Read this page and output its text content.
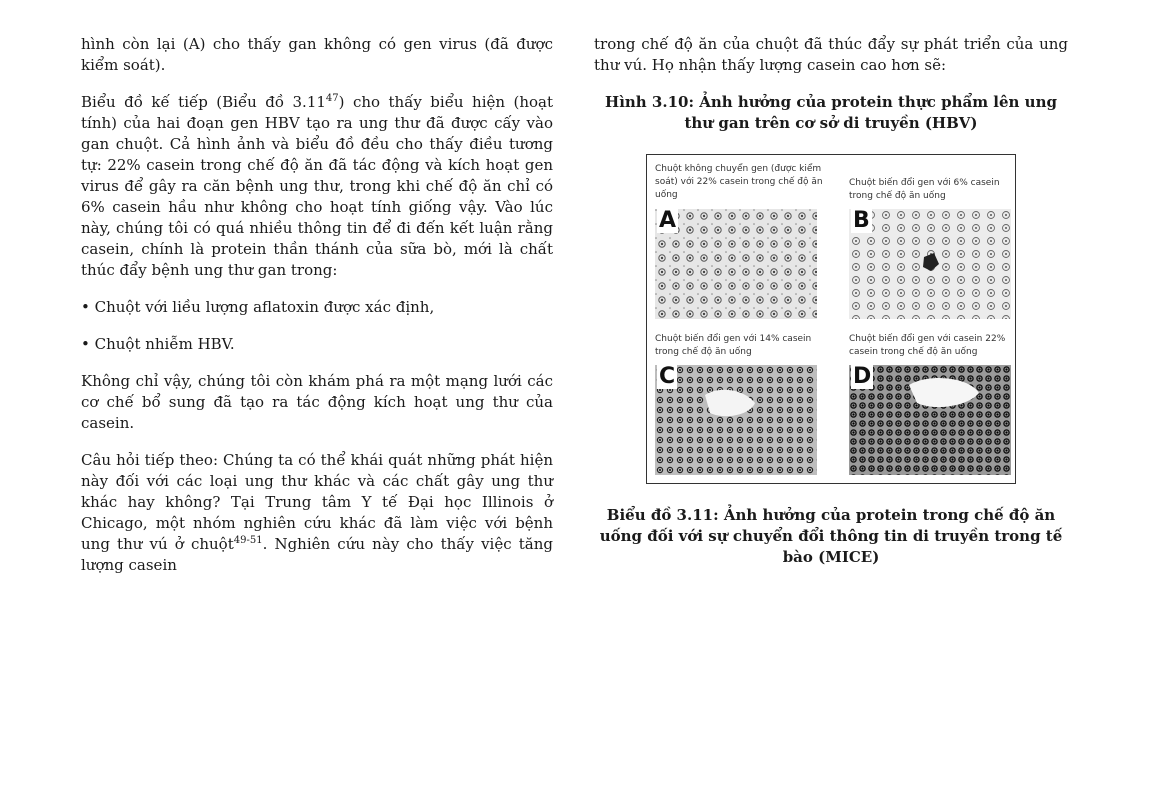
hình còn lại (A) cho thấy gan không có gen virus (đã được kiểm soát).

Biểu đồ kế tiếp (Biểu đồ 3.11$^{47}$) cho thấy biểu hiện (hoạt tính) của hai đoạn gen HBV tạo ra ung thư đã được cấy vào gan chuột. Cả hình ảnh và biểu đồ đều cho thấy điều tương tự: 22% casein trong chế độ ăn đã tác động và kích hoạt gen virus để gây ra căn bệnh ung thư, trong khi chế độ ăn chỉ có 6% casein hầu như không cho hoạt tính giống vậy. Vào lúc này, chúng tôi có quá nhiều thông tin để đi đến kết luận rằng casein, chính là protein thần thánh của sữa bò, mới là chất thúc đẩy bệnh ung thư gan trong:

• Chuột với liều lượng aflatoxin được xác định,
• Chuột nhiễm HBV.

Không chỉ vậy, chúng tôi còn khám phá ra một mạng lưới các cơ chế bổ sung đã tạo ra tác động kích hoạt ung thư của casein.

Câu hỏi tiếp theo: Chúng ta có thể khái quát những phát hiện này đối với các loại ung thư khác và các chất gây ung thư khác hay không? Tại Trung tâm Y tế Đại học Illinois ở Chicago, một nhóm nghiên cứu khác đã làm việc với bệnh ung thư vú ở chuột$^{49-51}$. Nghiên cứu này cho thấy việc tăng lượng casein

trong chế độ ăn của chuột đã thúc đẩy sự phát triển của ung thư vú. Họ nhận thấy lượng casein cao hơn sẽ:

Hình 3.10: Ảnh hưởng của protein thực phẩm lên ung thư gan trên cơ sở di truyền (HBV)
Chuột không chuyển gen (được kiểm soát) với 22% casein trong chế độ ăn uống
A
Chuột biến đổi gen với 6% casein trong chế độ ăn uống
B
Chuột biến đổi gen với 14% casein trong chế độ ăn uống
C
Chuột biến đổi gen với casein 22% casein trong chế độ ăn uống
D
Biểu đồ 3.11: Ảnh hưởng của protein trong chế độ ăn uống đối với sự chuyển đổi thông tin di truyền trong tế bào (MICE)
